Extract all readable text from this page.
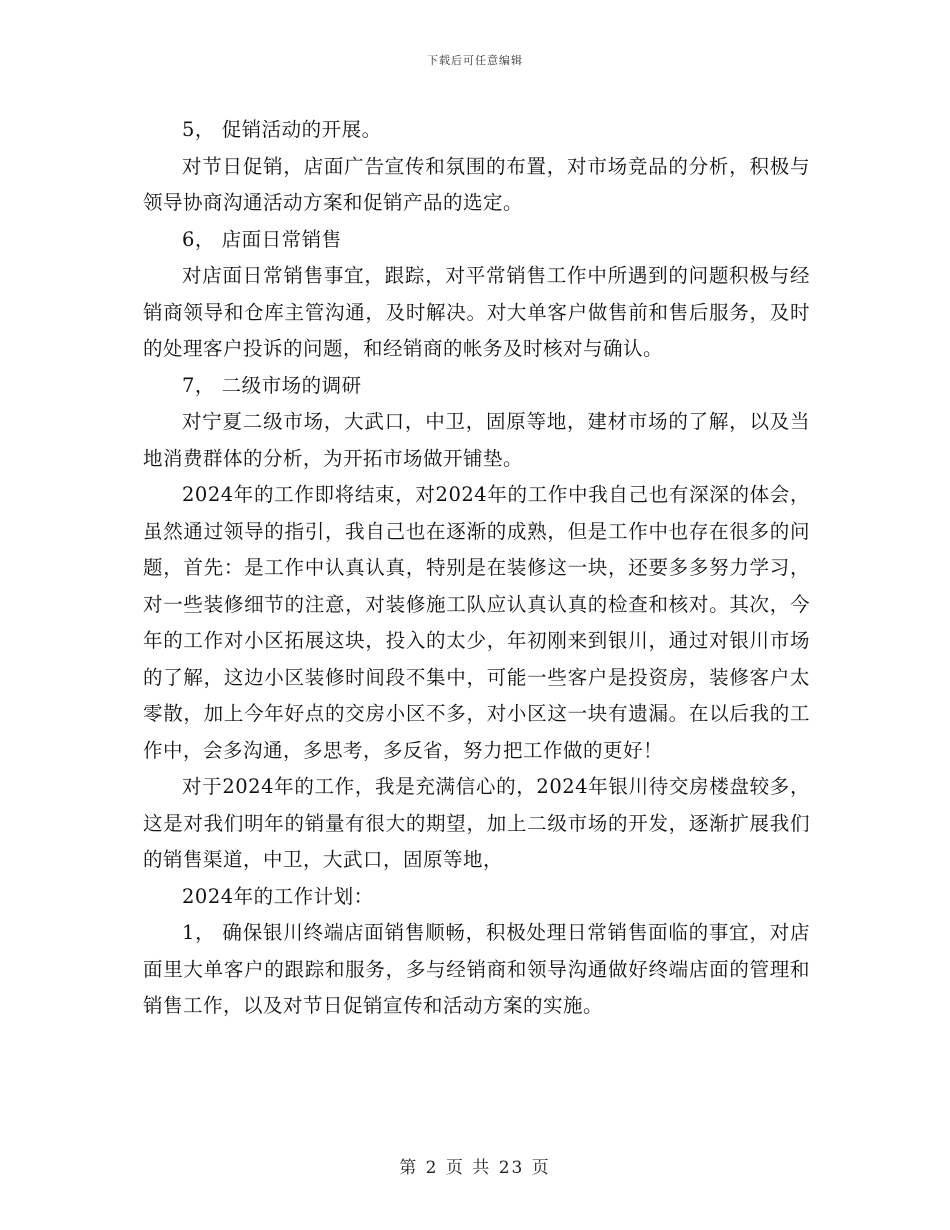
下载后可任意编辑

5， 促销活动的开展。

对节日促销，店面广告宣传和氛围的布置，对市场竞品的分析，积极与领导协商沟通活动方案和促销产品的选定。

6， 店面日常销售

对店面日常销售事宜，跟踪，对平常销售工作中所遇到的问题积极与经销商领导和仓库主管沟通，及时解决。对大单客户做售前和售后服务，及时的处理客户投诉的问题，和经销商的帐务及时核对与确认。

7， 二级市场的调研

对宁夏二级市场，大武口，中卫，固原等地，建材市场的了解，以及当地消费群体的分析，为开拓市场做开铺垫。

2024年的工作即将结束，对2024年的工作中我自己也有深深的体会，虽然通过领导的指引，我自己也在逐渐的成熟，但是工作中也存在很多的问题，首先：是工作中认真认真，特别是在装修这一块，还要多多努力学习，对一些装修细节的注意，对装修施工队应认真认真的检查和核对。其次，今年的工作对小区拓展这块，投入的太少，年初刚来到银川，通过对银川市场的了解，这边小区装修时间段不集中，可能一些客户是投资房，装修客户太零散，加上今年好点的交房小区不多，对小区这一块有遗漏。在以后我的工作中，会多沟通，多思考，多反省，努力把工作做的更好！

对于2024年的工作，我是充满信心的，2024年银川待交房楼盘较多，这是对我们明年的销量有很大的期望，加上二级市场的开发，逐渐扩展我们的销售渠道，中卫，大武口，固原等地，

2024年的工作计划：

1， 确保银川终端店面销售顺畅，积极处理日常销售面临的事宜，对店面里大单客户的跟踪和服务，多与经销商和领导沟通做好终端店面的管理和销售工作，以及对节日促销宣传和活动方案的实施。

第 2 页 共 23 页
